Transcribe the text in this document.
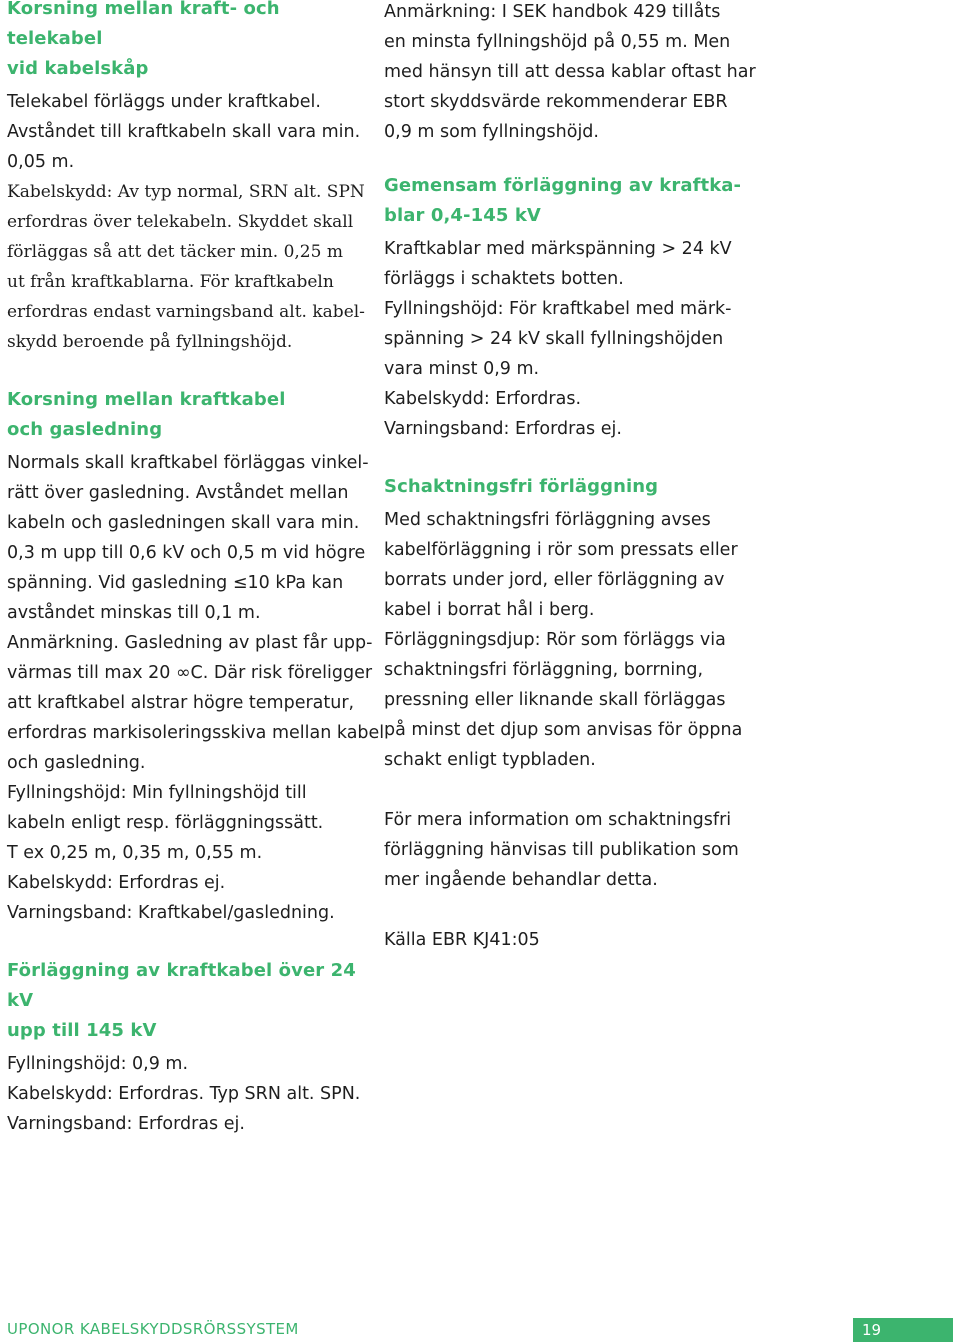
Korsning mellan kraft- och telekabel
vid kabelskåp

Telekabel förläggs under kraftkabel.
Avståndet till kraftkabeln skall vara min.
0,05 m.
Kabelskydd: Av typ normal, SRN alt. SPN
erfordras över telekabeln. Skyddet skall
förläggas så att det täcker min. 0,25 m
ut från kraftkablarna. För kraftkabeln
erfordras endast varningsband alt. kabel-
skydd beroende på fyllningshöjd.

Korsning mellan kraftkabel
och gasledning

Normals skall kraftkabel förläggas vinkel-
rätt över gasledning. Avståndet mellan
kabeln och gasledningen skall vara min.
0,3 m upp till 0,6 kV och 0,5 m vid högre
spänning. Vid gasledning ≤10 kPa kan
avståndet minskas till 0,1 m.
Anmärkning. Gasledning av plast får upp-
värmas till max 20 ∞C. Där risk föreligger
att kraftkabel alstrar högre temperatur,
erfordras markisoleringsskiva mellan kabel
och gasledning.
Fyllningshöjd: Min fyllningshöjd till
kabeln enligt resp. förläggningssätt.
T ex 0,25 m, 0,35 m, 0,55 m.
Kabelskydd: Erfordras ej.
Varningsband: Kraftkabel/gasledning.

Förläggning av kraftkabel över 24 kV
upp till 145 kV

Fyllningshöjd: 0,9 m.
Kabelskydd: Erfordras. Typ SRN alt. SPN.
Varningsband: Erfordras ej.

Anmärkning: I SEK handbok 429 tillåts
en minsta fyllningshöjd på 0,55 m. Men
med hänsyn till att dessa kablar oftast har
stort skyddsvärde rekommenderar EBR
0,9 m som fyllningshöjd.

Gemensam förläggning av kraftka-
blar 0,4-145 kV

Kraftkablar med märkspänning > 24 kV
förläggs i schaktets botten.
Fyllningshöjd: För kraftkabel med märk-
spänning > 24 kV skall fyllningshöjden
vara minst 0,9 m.
Kabelskydd: Erfordras.
Varningsband: Erfordras ej.

Schaktningsfri förläggning

Med schaktningsfri förläggning avses
kabelförläggning i rör som pressats eller
borrats under jord, eller förläggning av
kabel i borrat hål i berg.
Förläggningsdjup: Rör som förläggs via
schaktningsfri förläggning, borrning,
pressning eller liknande skall förläggas
på minst det djup som anvisas för öppna
schakt enligt typbladen.

För mera information om schaktningsfri
förläggning hänvisas till publikation som
mer ingående behandlar detta.

Källa EBR KJ41:05

UPONOR KABELSKYDDSRÖRSSYSTEM	19
